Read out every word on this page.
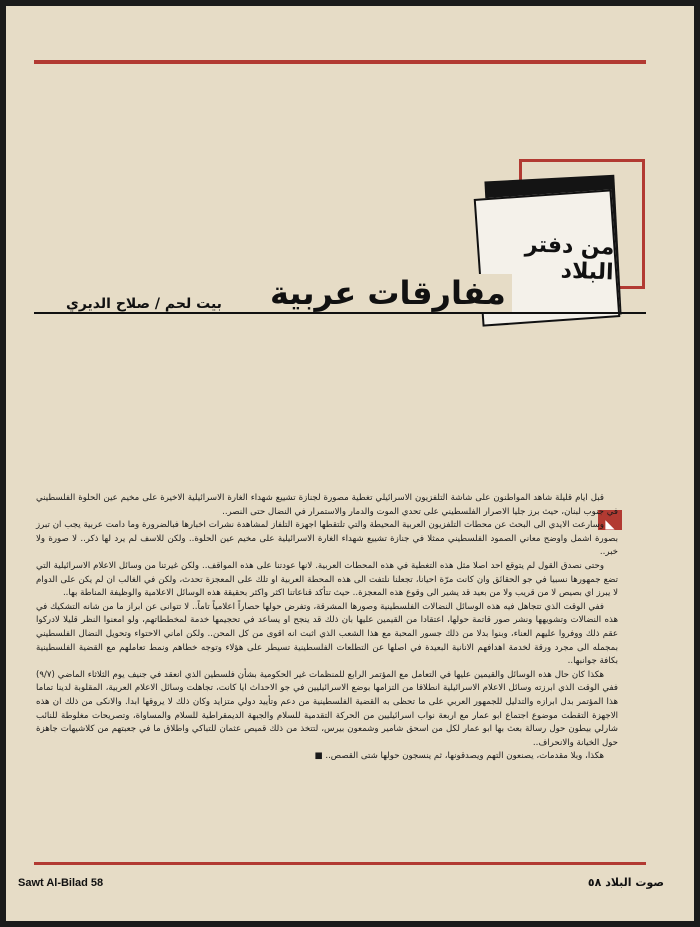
من دفتر البلاد
مفارقات عربية
بيت لحم / صلاح الديري
◣

قبل ايام قليلة شاهد المواطنون على شاشة التلفزيون الاسرائيلي تغطية مصورة لجنازة تشييع شهداء الغارة الاسرائيلية الاخيرة على مخيم عين الحلوة الفلسطيني في جنوب لبنان، حيث برز جليا الاصرار الفلسطيني على تحدي الموت والدمار والاستمرار في النضال حتى النصر..

وسارعت الايدي الى البحث عن محطات التلفزيون العربية المحيطة والتي تلتقطها اجهزة التلفاز لمشاهدة نشرات اخبارها فبالضرورة وما دامت عربية يجب ان تبرز بصورة اشمل واوضح معاني الصمود الفلسطيني ممثلا في جنازة تشييع شهداء الغارة الاسرائيلية على مخيم عين الحلوة.. ولكن للاسف لم يرد لها ذكر.. لا صورة ولا خبر..

وحتى نصدق القول لم يتوقع احد اصلا مثل هذه التغطية في هذه المحطات العربية. لانها عودتنا على هذه المواقف.. ولكن غيرتنا من وسائل الاعلام الاسرائيلية التي تضع جمهورها نسبيا في جو الحقائق وان كانت مرّة احيانا، تجعلنا نلتفت الى هذه المحطة العربية او تلك على المعجزة تحدث، ولكن في الغالب ان لم يكن على الدوام لا يبرز اي بصيص لا من قريب ولا من بعيد قد يشير الى وقوع هذه المعجزة.. حيث تتأكد قناعاتنا اكثر واكثر بحقيقة هذه الوسائل الاعلامية والوظيفة المناطة بها..

ففي الوقت الذي تتجاهل فيه هذه الوسائل النضالات الفلسطينية وصورها المشرقة، وتفرض حولها حصاراً اعلامياً تاماً.. لا تتوانى عن ابراز ما من شانه التشكيك في هذه النضالات وتشويهها ونشر صور قاتمة حولها، اعتقادا من القيمين عليها بان ذلك قد ينجح او يساعد في تحجيمها خدمة لمخططاتهم، ولو امعنوا النظر قليلا لادركوا عقم ذلك ووفروا عليهم العناء، وبنوا بدلا من ذلك جسور المحبة مع هذا الشعب الذي اثبت انه اقوى من كل المحن.. ولكن اماني الاحتواء وتحويل النضال الفلسطيني بمجمله الى مجرد ورقة لخدمة اهدافهم الانانية البعيدة في اصلها عن التطلعات الفلسطينية تسيطر على هؤلاء وتوجه خطاهم ونمط تعاملهم مع القضية الفلسطينية بكافة جوانبها..

هكذا كان حال هذه الوسائل والقيمين عليها في التعامل مع المؤتمر الرابع للمنظمات غير الحكومية بشأن فلسطين الذي انعقد في جنيف يوم الثلاثاء الماضي (٩/٧) ففي الوقت الذي ابرزته وسائل الاعلام الاسرائيلية انطلاقا من التزامها بوضع الاسرائيليين في جو الاحداث ايا كانت، تجاهلت وسائل الاعلام العربية، المقلوبة لدينا تماما هذا المؤتمر بدل ابرازه والتدليل للجمهور العربي على ما تحظى به القضية الفلسطينية من دعم وتأييد دولي متزايد وكان ذلك لا يروقها ابدا. والانكى من ذلك ان هذه الاجهزة التقطت موضوع اجتماع ابو عمار مع اربعة نواب اسرائيليين من الحركة التقدمية للسلام والجبهة الديمقراطية للسلام والمساواة، وتصريحات مغلوطة للنائب شارلي بيطون حول رسالة بعث بها ابو عمار لكل من اسحق شامير وشمعون بيرس، لتتخذ من ذلك قميص عثمان للتباكي واطلاق ما في جعبتهم من كلاشيهات جاهزة حول الخيانة والانحراف..

هكذا، وبلا مقدمات، يصنعون التهم ويصدقونها، ثم ينسجون حولها شتى القصص.. ■

Sawt Al-Bilad 58	صوت البلاد ٥٨
